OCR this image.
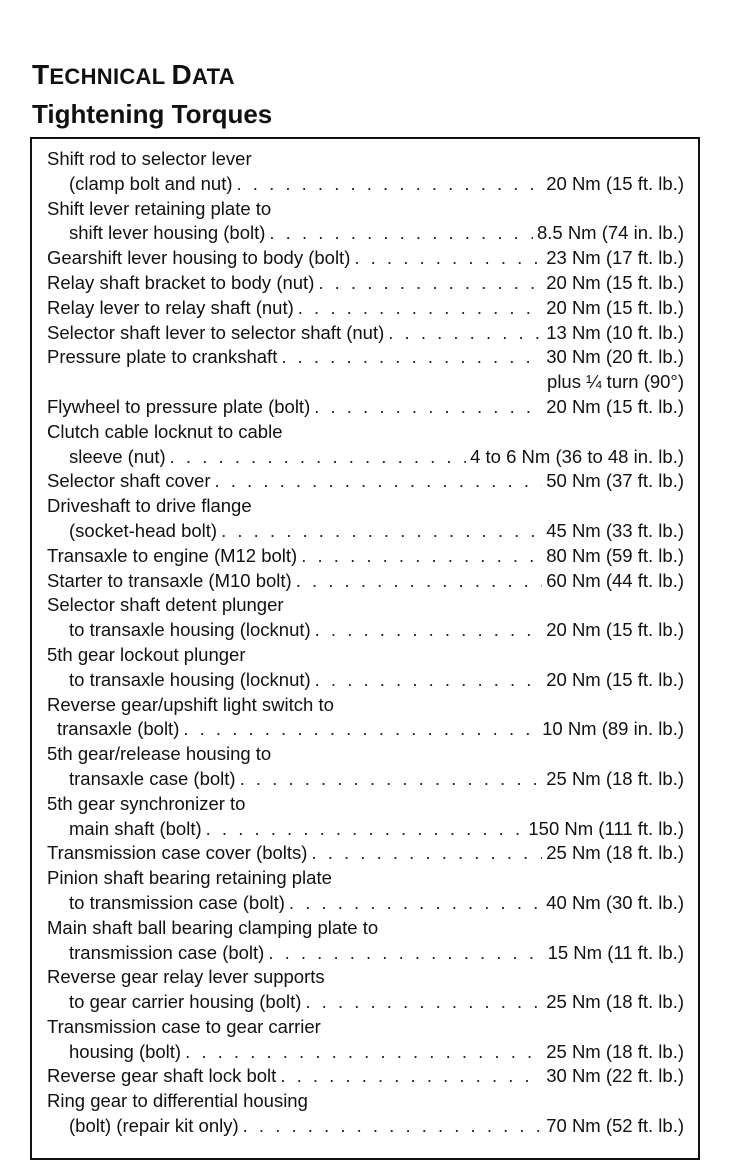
TECHNICAL DATA
Tightening Torques
Shift rod to selector lever
(clamp bolt and nut) . . .	20 Nm (15 ft. lb.)
Shift lever retaining plate to
shift lever housing (bolt) . . .	8.5 Nm (74 in. lb.)
Gearshift lever housing to body (bolt) . . .	23 Nm (17 ft. lb.)
Relay shaft bracket to body (nut) . . .	20 Nm (15 ft. lb.)
Relay lever to relay shaft (nut) . . .	20 Nm (15 ft. lb.)
Selector shaft lever to selector shaft (nut) . . .	13 Nm (10 ft. lb.)
Pressure plate to crankshaft . . .	30 Nm (20 ft. lb.)
plus ¼ turn (90°)
Flywheel to pressure plate (bolt) . . .	20 Nm (15 ft. lb.)
Clutch cable locknut to cable
sleeve (nut) . . .	4 to 6 Nm (36 to 48 in. lb.)
Selector shaft cover . . .	50 Nm (37 ft. lb.)
Driveshaft to drive flange
(socket-head bolt) . . .	45 Nm (33 ft. lb.)
Transaxle to engine (M12 bolt) . . .	80 Nm (59 ft. lb.)
Starter to transaxle (M10 bolt) . . .	60 Nm (44 ft. lb.)
Selector shaft detent plunger
to transaxle housing (locknut) . . .	20 Nm (15 ft. lb.)
5th gear lockout plunger
to transaxle housing (locknut) . . .	20 Nm (15 ft. lb.)
Reverse gear/upshift light switch to
transaxle (bolt) . . .	10 Nm (89 in. lb.)
5th gear/release housing to
transaxle case (bolt) . . .	25 Nm (18 ft. lb.)
5th gear synchronizer to
main shaft (bolt) . . .	150 Nm (111 ft. lb.)
Transmission case cover (bolts) . . .	25 Nm (18 ft. lb.)
Pinion shaft bearing retaining plate
to transmission case (bolt) . . .	40 Nm (30 ft. lb.)
Main shaft ball bearing clamping plate to
transmission case (bolt) . . .	15 Nm (11 ft. lb.)
Reverse gear relay lever supports
to gear carrier housing (bolt) . . .	25 Nm (18 ft. lb.)
Transmission case to gear carrier
housing (bolt) . . .	25 Nm (18 ft. lb.)
Reverse gear shaft lock bolt . . .	30 Nm (22 ft. lb.)
Ring gear to differential housing
(bolt) (repair kit only) . . .	70 Nm (52 ft. lb.)
